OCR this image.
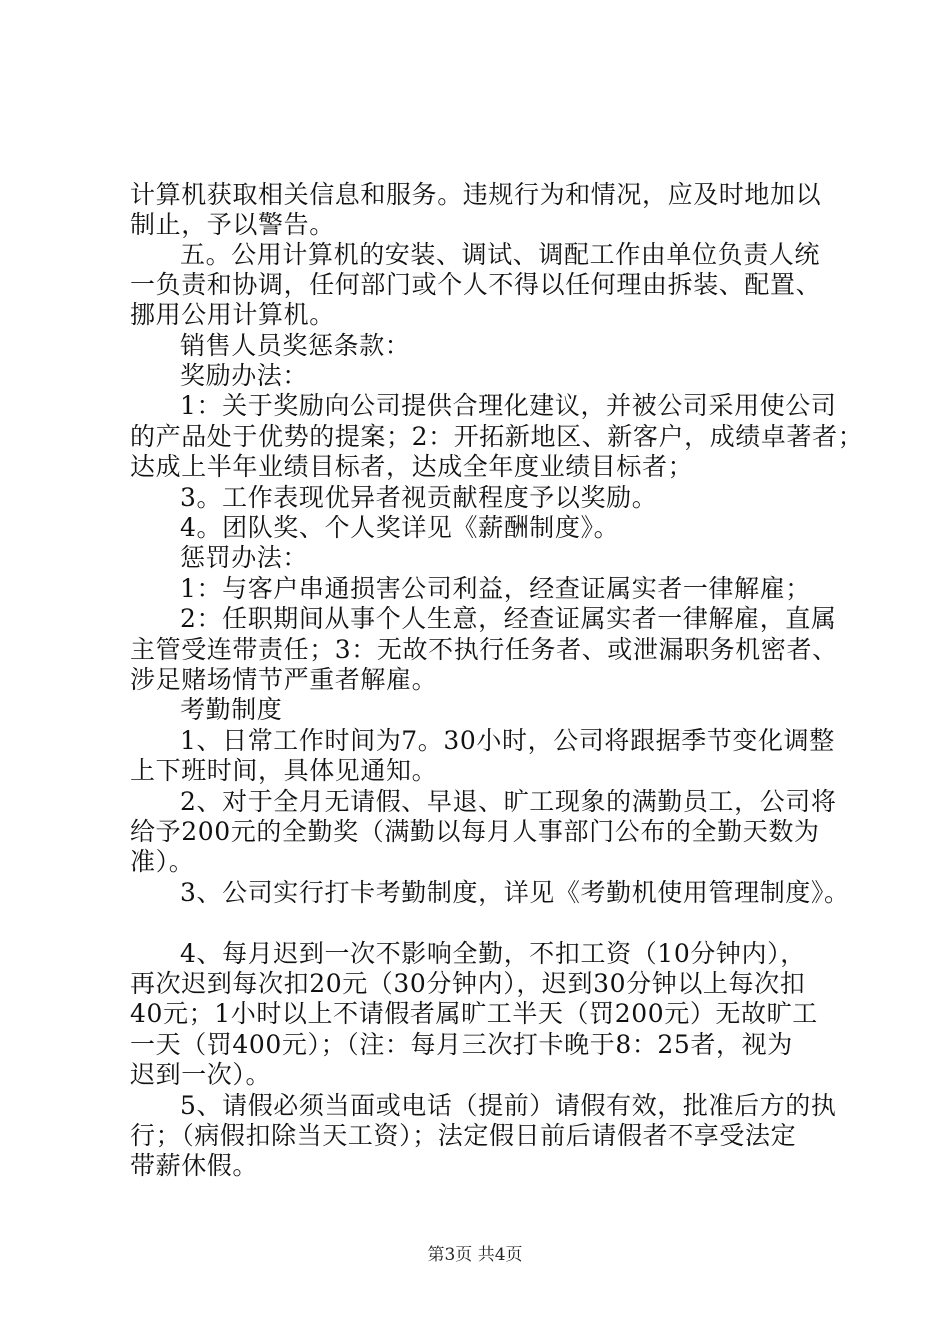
计算机获取相关信息和服务。违规行为和情况，应及时地加以
制止，予以警告。
五。公用计算机的安装、调试、调配工作由单位负责人统
一负责和协调，任何部门或个人不得以任何理由拆装、配置、
挪用公用计算机。
销售人员奖惩条款：
奖励办法：
1：关于奖励向公司提供合理化建议，并被公司采用使公司
的产品处于优势的提案；2：开拓新地区、新客户，成绩卓著者；
达成上半年业绩目标者，达成全年度业绩目标者；
3。工作表现优异者视贡献程度予以奖励。
4。团队奖、个人奖详见《薪酬制度》。
惩罚办法：
1：与客户串通损害公司利益，经查证属实者一律解雇；
2：任职期间从事个人生意，经查证属实者一律解雇，直属
主管受连带责任；3：无故不执行任务者、或泄漏职务机密者、
涉足赌场情节严重者解雇。
考勤制度
1、日常工作时间为7。30小时，公司将跟据季节变化调整
上下班时间，具体见通知。
2、对于全月无请假、早退、旷工现象的满勤员工，公司将
给予200元的全勤奖（满勤以每月人事部门公布的全勤天数为
准）。
3、公司实行打卡考勤制度，详见《考勤机使用管理制度》。
4、每月迟到一次不影响全勤，不扣工资（10分钟内），
再次迟到每次扣20元（30分钟内），迟到30分钟以上每次扣
40元；1小时以上不请假者属旷工半天（罚200元）无故旷工
一天（罚400元）；（注：每月三次打卡晚于8：25者，视为
迟到一次）。
5、请假必须当面或电话（提前）请假有效，批准后方的执
行；（病假扣除当天工资）；法定假日前后请假者不享受法定
带薪休假。
第3页 共4页
